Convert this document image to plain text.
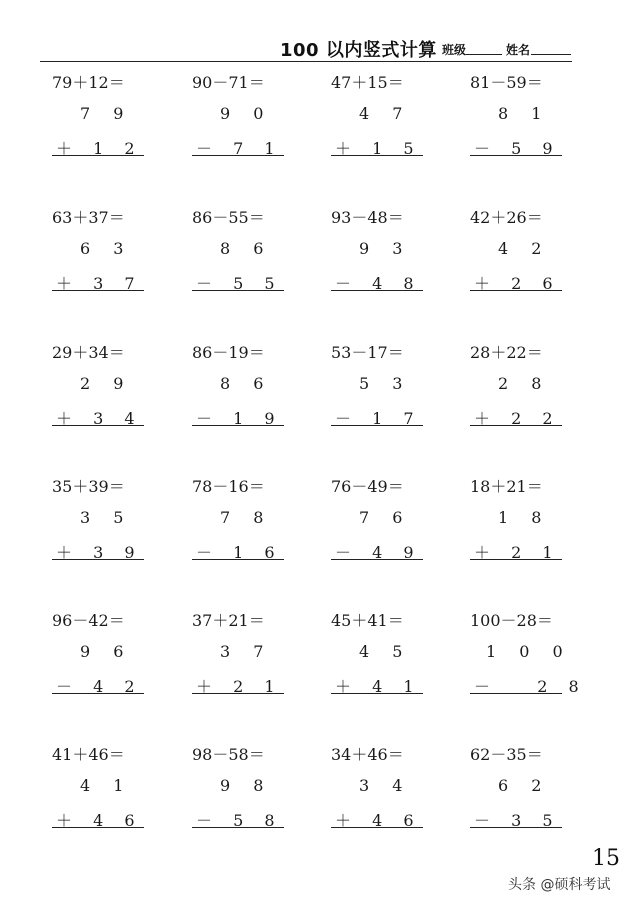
100 以内竖式计算 班级	姓名
79＋12＝
7 9
＋ 1 2
90－71＝
9 0
－ 7 1
47＋15＝
4 7
＋ 1 5
81－59＝
8 1
－ 5 9
63＋37＝
6 3
＋ 3 7
86－55＝
8 6
－ 5 5
93－48＝
9 3
－ 4 8
42＋26＝
4 2
＋ 2 6
29＋34＝
2 9
＋ 3 4
86－19＝
8 6
－ 1 9
53－17＝
5 3
－ 1 7
28＋22＝
2 8
＋ 2 2
35＋39＝
3 5
＋ 3 9
78－16＝
7 8
－ 1 6
76－49＝
7 6
－ 4 9
18＋21＝
1 8
＋ 2 1
96－42＝
9 6
－ 4 2
37＋21＝
3 7
＋ 2 1
45＋41＝
4 5
＋ 4 1
100－28＝
1 0 0
－   2 8
41＋46＝
4 1
＋ 4 6
98－58＝
9 8
－ 5 8
34＋46＝
3 4
＋ 4 6
62－35＝
6 2
－ 3 5
15
头条 @硕科考试
